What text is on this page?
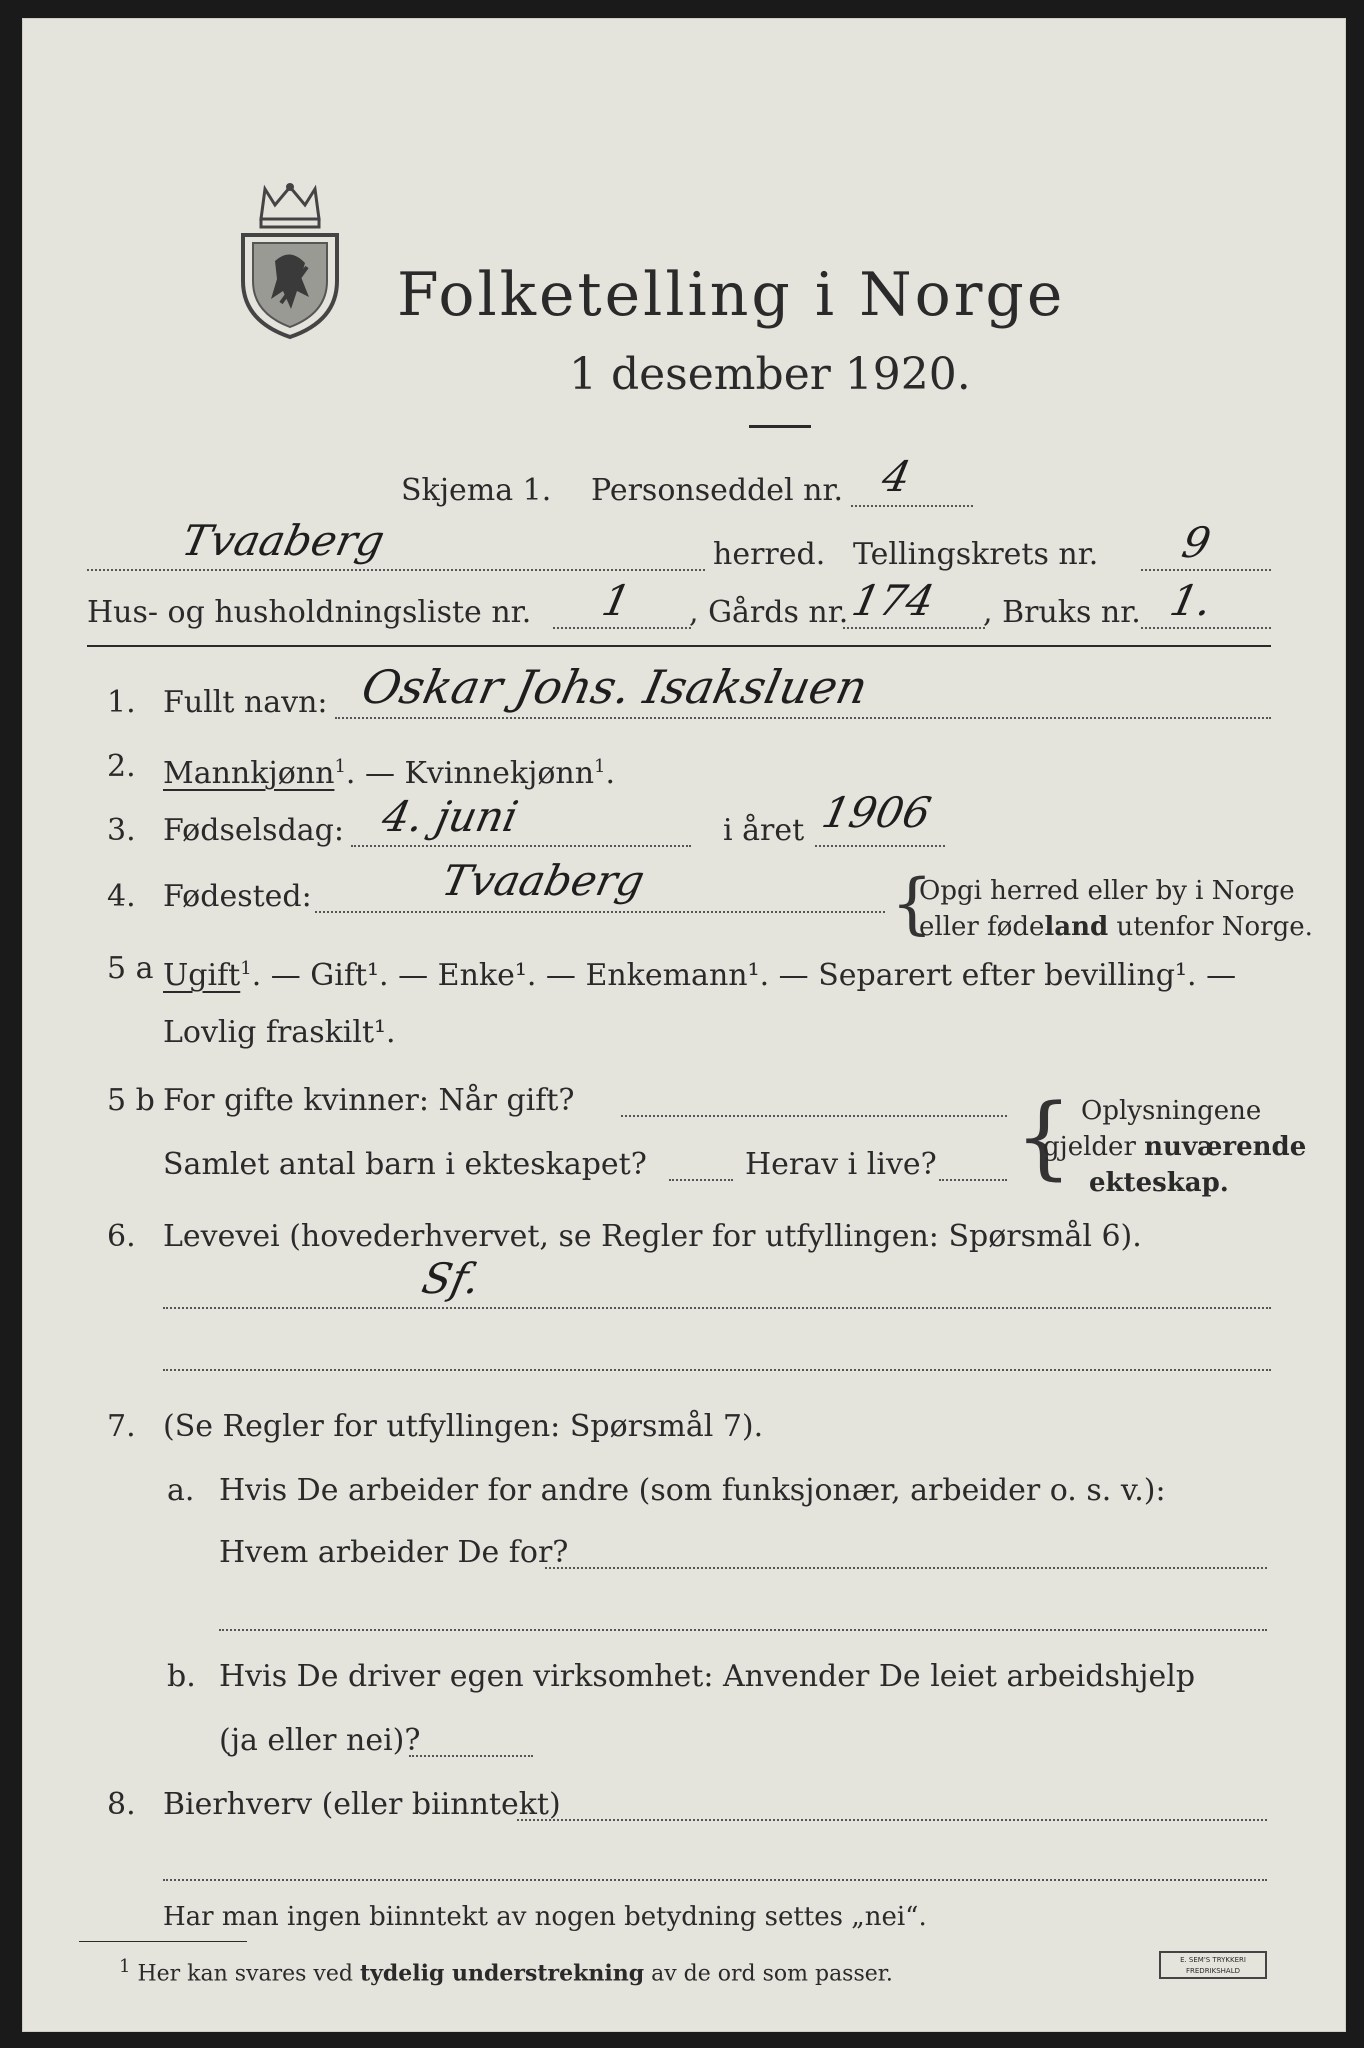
Folketelling i Norge
1 desember 1920.
Skjema 1. Personseddel nr. 4
Tvaaberg	herred. Tellingskrets nr. 9
Hus- og husholdningsliste nr. 1 , Gårds nr. 174 , Bruks nr. 1.
1. Fullt navn: Oskar Johs. Isaksluen
2. Mannkjønn$^1$. — Kvinnekjønn$^1$.
3. Fødselsdag: 4. juni	i året 1906
4. Fødested:	Tvaaberg	{
Opgi herred eller by i Norge
eller fødeland utenfor Norge.
5 a Ugift$^1$. — Gift¹. — Enke¹. — Enkemann¹. — Separert efter bevilling¹. —
Lovlig fraskilt¹.
5 b For gifte kvinner: Når gift?
Samlet antal barn i ekteskapet?	Herav i live? { Oplysningene
gjelder nuværende
ekteskap.
6. Levevei (hovederhvervet, se Regler for utfyllingen: Spørsmål 6).
Sf.
7. (Se Regler for utfyllingen: Spørsmål 7).
a. Hvis De arbeider for andre (som funksjonær, arbeider o. s. v.):
Hvem arbeider De for?
b. Hvis De driver egen virksomhet: Anvender De leiet arbeidshjelp
(ja eller nei)?
8. Bierhverv (eller biinntekt)
Har man ingen biinntekt av nogen betydning settes „nei“.
$^1$ Her kan svares ved tydelig understrekning av de ord som passer.
E. SEM'S TRYKKERI FREDRIKSHALD
